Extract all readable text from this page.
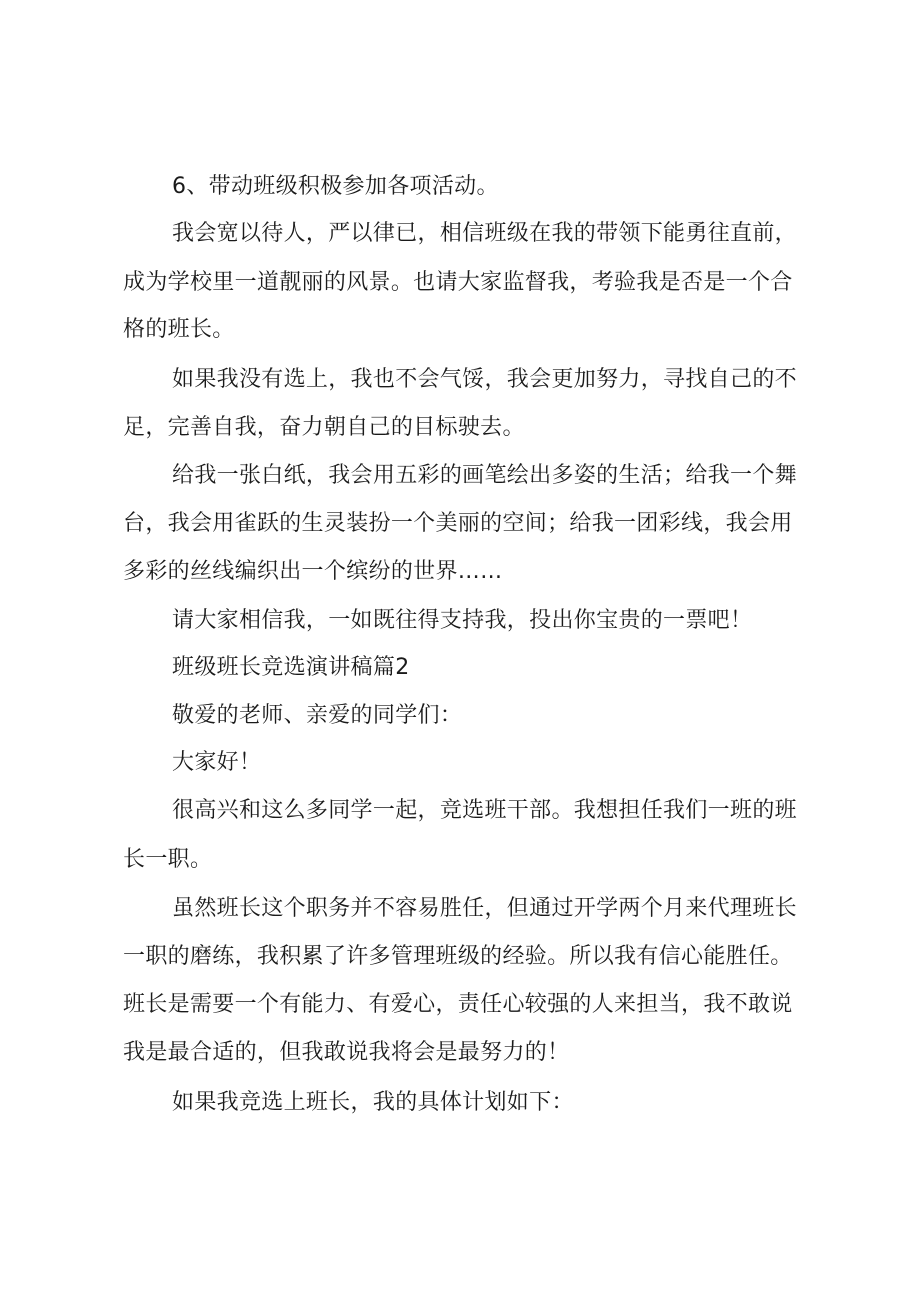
6、带动班级积极参加各项活动。

我会宽以待人，严以律已，相信班级在我的带领下能勇往直前，

成为学校里一道靓丽的风景。也请大家监督我，考验我是否是一个合

格的班长。

如果我没有选上，我也不会气馁，我会更加努力，寻找自己的不

足，完善自我，奋力朝自己的目标驶去。

给我一张白纸，我会用五彩的画笔绘出多姿的生活；给我一个舞

台，我会用雀跃的生灵装扮一个美丽的空间；给我一团彩线，我会用

多彩的丝线编织出一个缤纷的世界……

请大家相信我，一如既往得支持我，投出你宝贵的一票吧！

班级班长竞选演讲稿篇2

敬爱的老师、亲爱的同学们：

大家好！

很高兴和这么多同学一起，竞选班干部。我想担任我们一班的班

长一职。

虽然班长这个职务并不容易胜任，但通过开学两个月来代理班长

一职的磨练，我积累了许多管理班级的经验。所以我有信心能胜任。

班长是需要一个有能力、有爱心，责任心较强的人来担当，我不敢说

我是最合适的，但我敢说我将会是最努力的！

如果我竞选上班长，我的具体计划如下：
